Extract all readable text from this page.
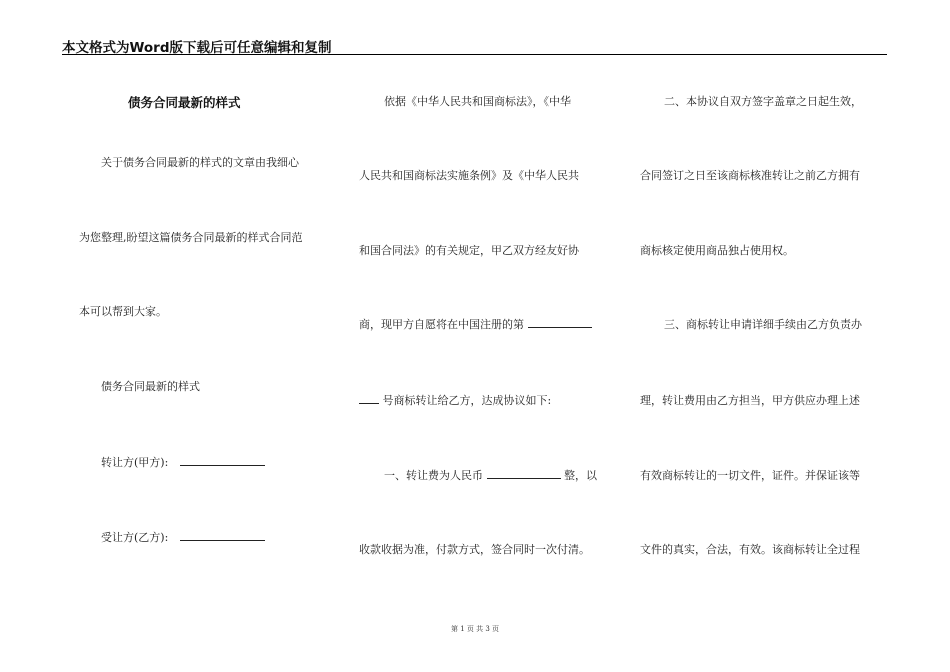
本文格式为Word版下载后可任意编辑和复制
债务合同最新的样式
关于债务合同最新的样式的文章由我细心
为您整理,盼望这篇债务合同最新的样式合同范
本可以帮到大家。
债务合同最新的样式
转让方(甲方):
受让方(乙方):
依据《中华人民共和国商标法》，《中华
人民共和国商标法实施条例》及《中华人民共
和国合同法》的有关规定，甲乙双方经友好协
商，现甲方自愿将在中国注册的第
号商标转让给乙方，达成协议如下:
一、转让费为人民币	整，以
收款收据为准，付款方式，签合同时一次付清。
二、本协议自双方签字盖章之日起生效，
合同签订之日至该商标核准转让之前乙方拥有
商标核定使用商品独占使用权。
三、商标转让申请详细手续由乙方负责办
理，转让费用由乙方担当，甲方供应办理上述
有效商标转让的一切文件，证件。并保证该等
文件的真实，合法，有效。该商标转让全过程
第 1 页 共 3 页
